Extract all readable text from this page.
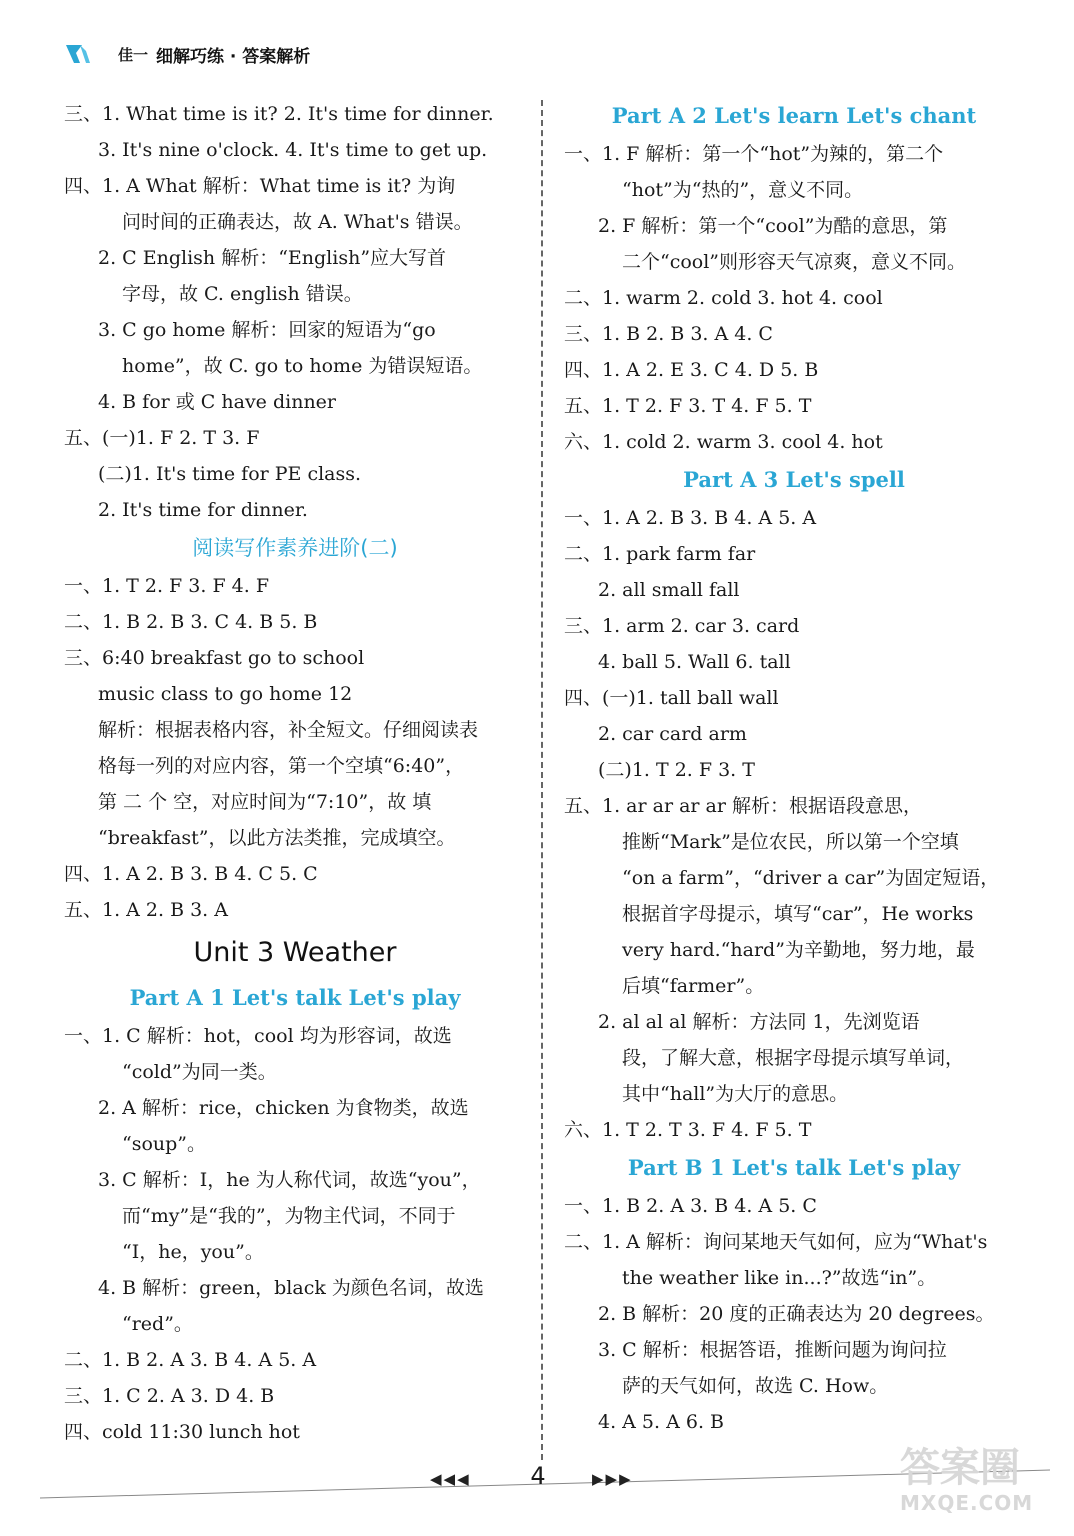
佳一 细解巧练 · 答案解析
三、1. What time is it? 2. It's time for dinner.
3. It's nine o'clock. 4. It's time to get up.
四、1. A What 解析：What time is it? 为询
问时间的正确表达，故 A. What's 错误。
2. C English 解析：“English”应大写首
字母，故 C. english 错误。
3. C go home 解析：回家的短语为“go
home”，故 C. go to home 为错误短语。
4. B for 或 C have dinner
五、(一)1. F 2. T 3. F
(二)1. It's time for PE class.
2. It's time for dinner.
阅读写作素养进阶(二)
一、1. T 2. F 3. F 4. F
二、1. B 2. B 3. C 4. B 5. B
三、6:40 breakfast go to school
music class to go home 12
解析：根据表格内容，补全短文。仔细阅读表
格每一列的对应内容，第一个空填“6:40”，
第 二 个 空，对应时间为“7:10”，故 填
“breakfast”，以此方法类推，完成填空。
四、1. A 2. B 3. B 4. C 5. C
五、1. A 2. B 3. A
Unit 3 Weather
Part A 1 Let's talk Let's play
一、1. C 解析：hot，cool 均为形容词，故选
“cold”为同一类。
2. A 解析：rice，chicken 为食物类，故选
“soup”。
3. C 解析：I，he 为人称代词，故选“you”，
而“my”是“我的”，为物主代词，不同于
“I，he，you”。
4. B 解析：green，black 为颜色名词，故选
“red”。
二、1. B 2. A 3. B 4. A 5. A
三、1. C 2. A 3. D 4. B
四、cold 11:30 lunch hot
Part A 2 Let's learn Let's chant
一、1. F 解析：第一个“hot”为辣的，第二个
“hot”为“热的”，意义不同。
2. F 解析：第一个“cool”为酷的意思，第
二个“cool”则形容天气凉爽，意义不同。
二、1. warm 2. cold 3. hot 4. cool
三、1. B 2. B 3. A 4. C
四、1. A 2. E 3. C 4. D 5. B
五、1. T 2. F 3. T 4. F 5. T
六、1. cold 2. warm 3. cool 4. hot
Part A 3 Let's spell
一、1. A 2. B 3. B 4. A 5. A
二、1. park farm far
2. all small fall
三、1. arm 2. car 3. card
4. ball 5. Wall 6. tall
四、(一)1. tall ball wall
2. car card arm
(二)1. T 2. F 3. T
五、1. ar ar ar ar 解析：根据语段意思，
推断“Mark”是位农民，所以第一个空填
“on a farm”，“driver a car”为固定短语，
根据首字母提示，填写“car”，He works
very hard.“hard”为辛勤地，努力地，最
后填“farmer”。
2. al al al 解析：方法同 1，先浏览语
段，了解大意，根据字母提示填写单词，
其中“hall”为大厅的意思。
六、1. T 2. T 3. F 4. F 5. T
Part B 1 Let's talk Let's play
一、1. B 2. A 3. B 4. A 5. C
二、1. A 解析：询问某地天气如何，应为“What's
the weather like in...?”故选“in”。
2. B 解析：20 度的正确表达为 20 degrees。
3. C 解析：根据答语，推断问题为询问拉
萨的天气如何，故选 C. How。
4. A 5. A 6. B
◀◀◀	4	▶▶▶	答案圈
MXQE.COM
